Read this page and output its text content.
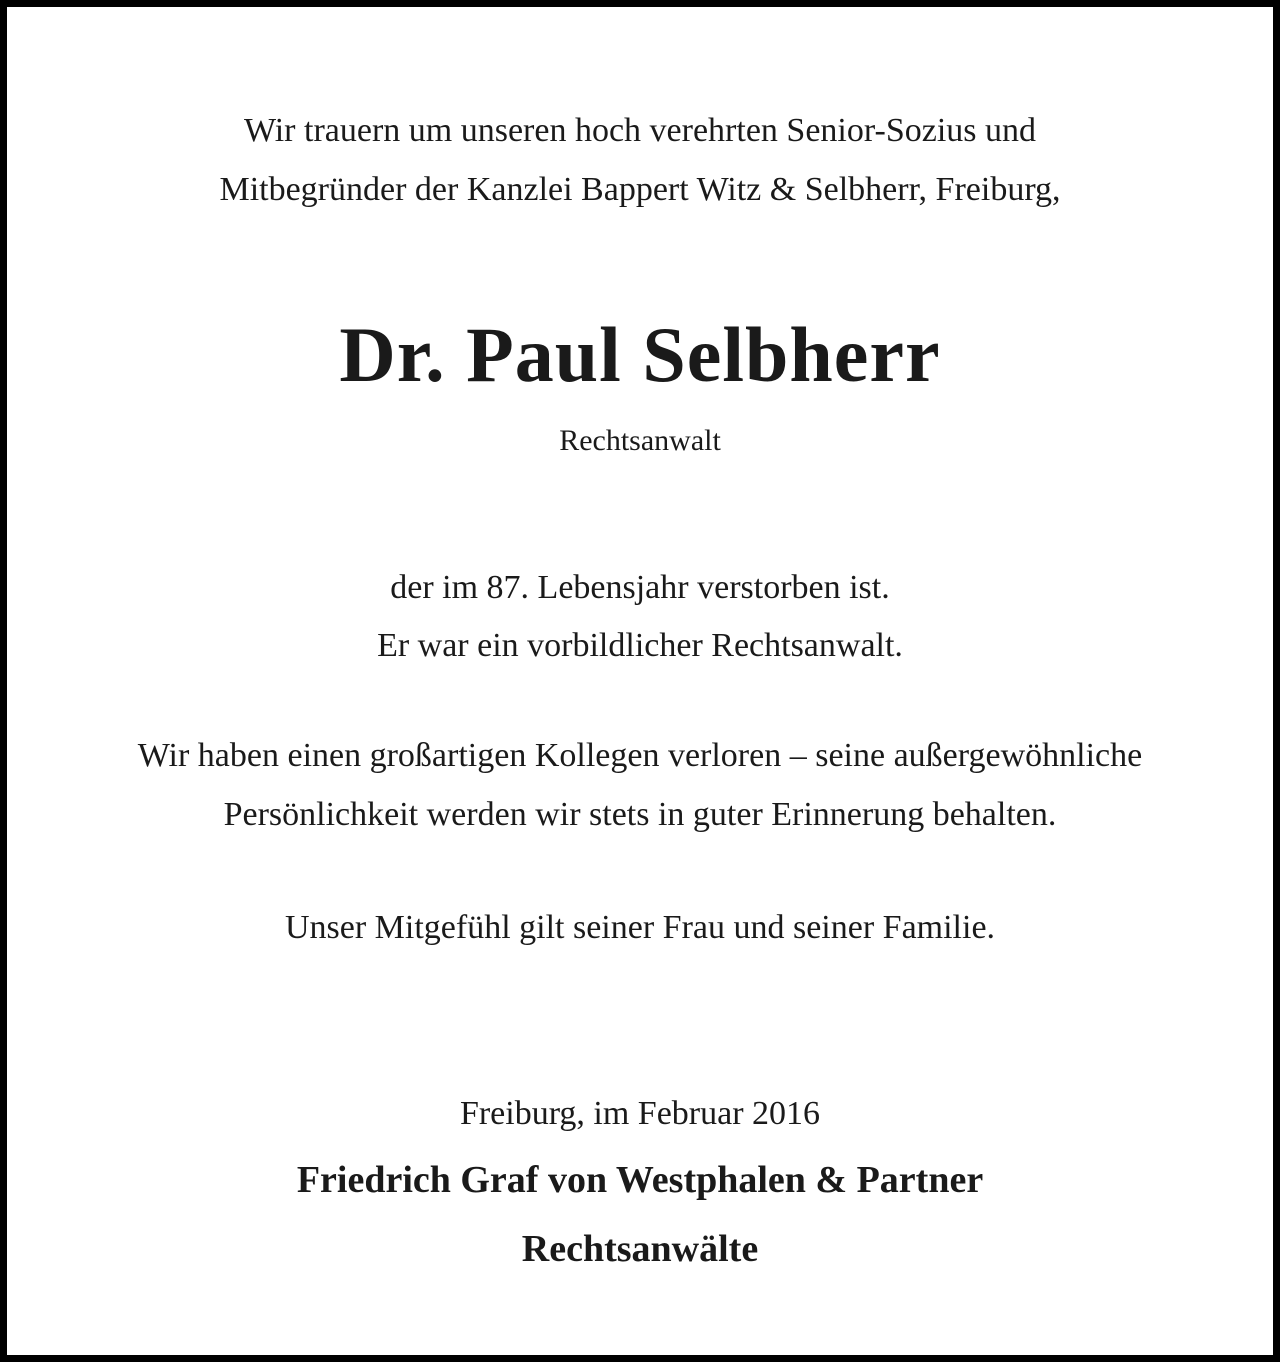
Wir trauern um unseren hoch verehrten Senior-Sozius und
Mitbegründer der Kanzlei Bappert Witz & Selbherr, Freiburg,
Dr. Paul Selbherr
Rechtsanwalt
der im 87. Lebensjahr verstorben ist.
Er war ein vorbildlicher Rechtsanwalt.
Wir haben einen großartigen Kollegen verloren – seine außergewöhnliche
Persönlichkeit werden wir stets in guter Erinnerung behalten.
Unser Mitgefühl gilt seiner Frau und seiner Familie.
Freiburg, im Februar 2016
Friedrich Graf von Westphalen & Partner
Rechtsanwälte
